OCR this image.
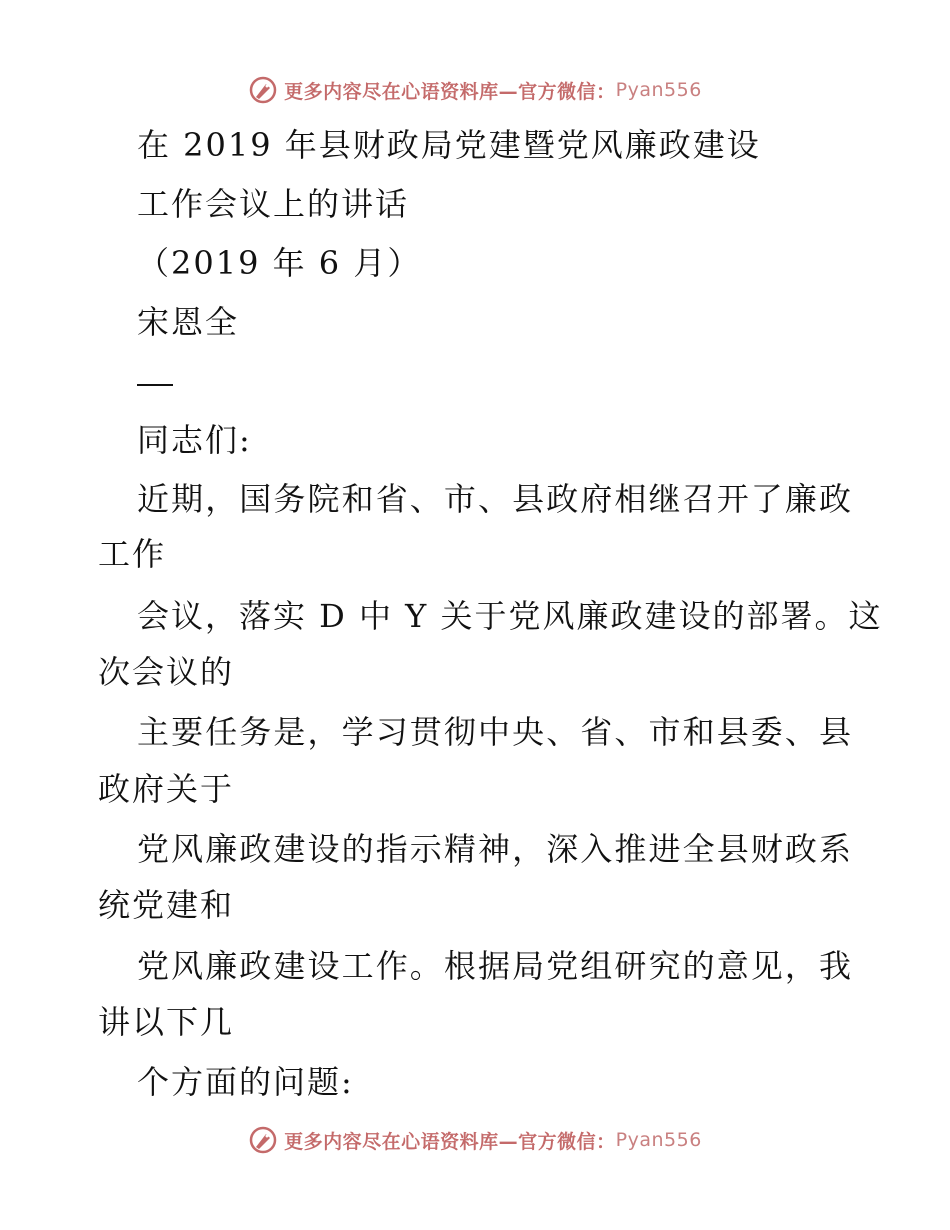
更多内容尽在心语资料库—官方微信： Pyan556
在 2019 年县财政局党建暨党风廉政建设
工作会议上的讲话
（2019 年 6 月）
宋恩全
同志们:
近期，国务院和省、市、县政府相继召开了廉政
工作
会议，落实 D 中 Y 关于党风廉政建设的部署。这
次会议的
主要任务是，学习贯彻中央、省、市和县委、县
政府关于
党风廉政建设的指示精神，深入推进全县财政系
统党建和
党风廉政建设工作。根据局党组研究的意见，我
讲以下几
个方面的问题:
更多内容尽在心语资料库—官方微信： Pyan556
